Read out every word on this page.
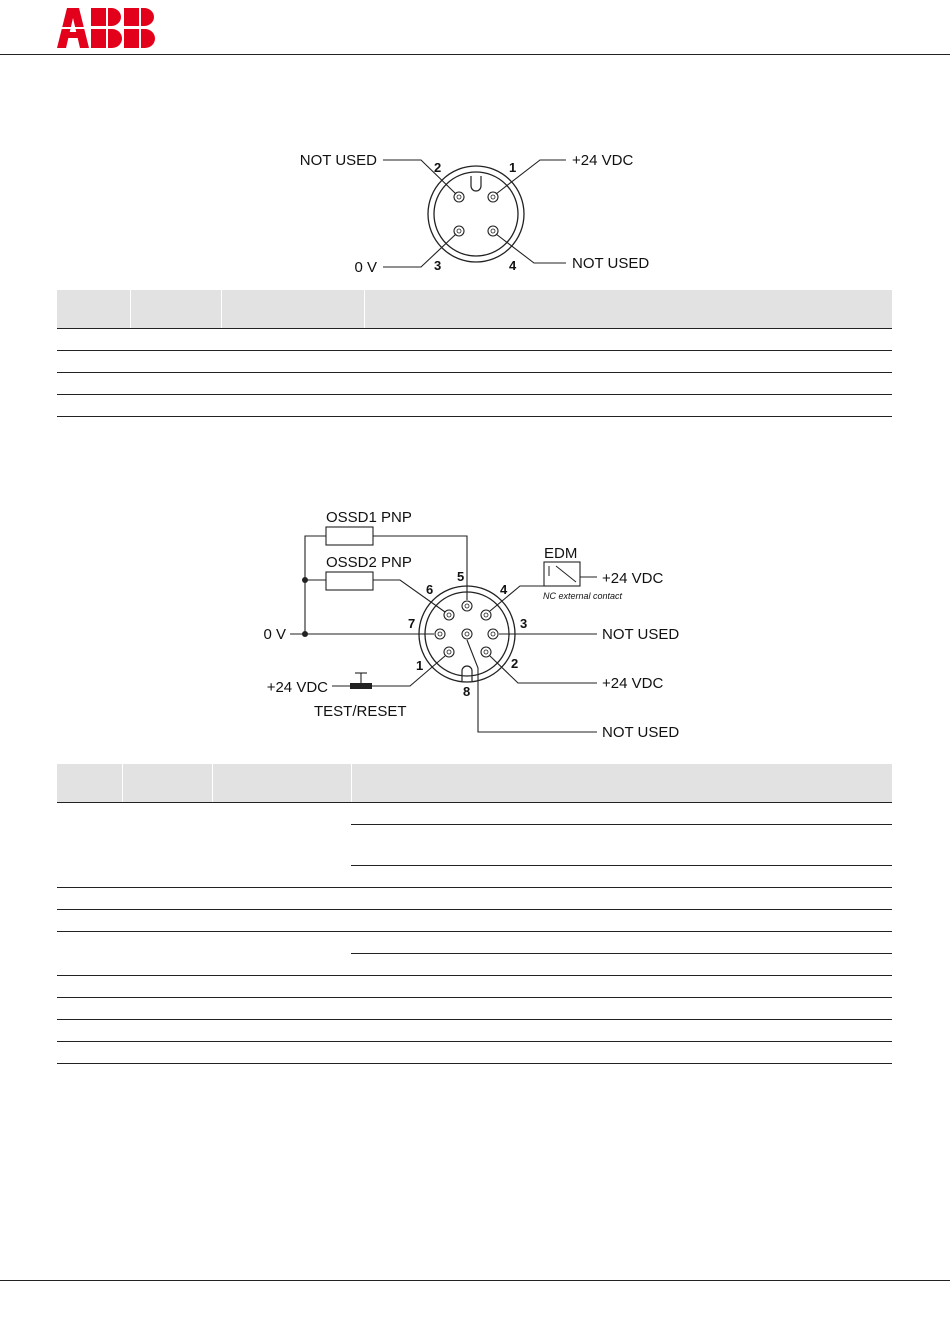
2	1
3	4
NOT USED	+24 VDC
0 V	NOT USED

5
6	4
7	3
1	2
8
OSSD1 PNP
OSSD2 PNP
EDM
NC external contact
+24 VDC
NOT USED
+24 VDC
NOT USED
0 V
+24 VDC
TEST/RESET
